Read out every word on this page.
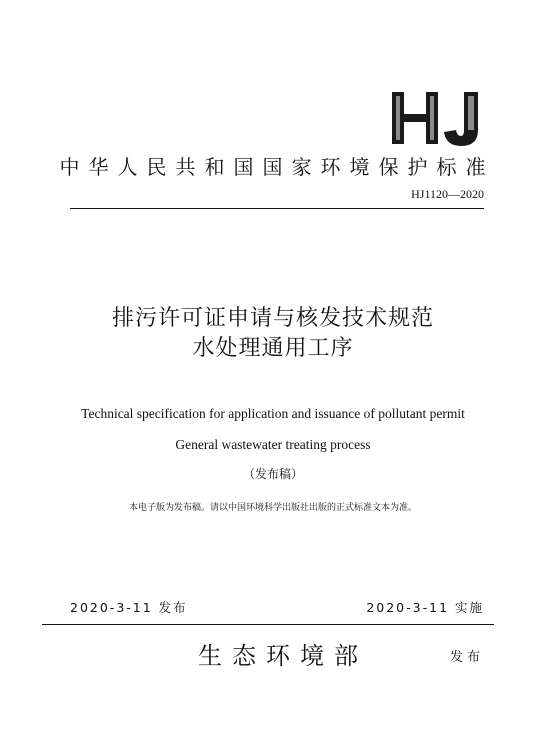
中华人民共和国国家环境保护标准
HJ1120—2020
排污许可证申请与核发技术规范
水处理通用工序
Technical specification for application and issuance of pollutant permit
General wastewater treating process
（发布稿）
本电子版为发布稿。请以中国环境科学出版社出版的正式标准文本为准。
2020-3-11 发布	2020-3-11 实施
生态环境部	发布
